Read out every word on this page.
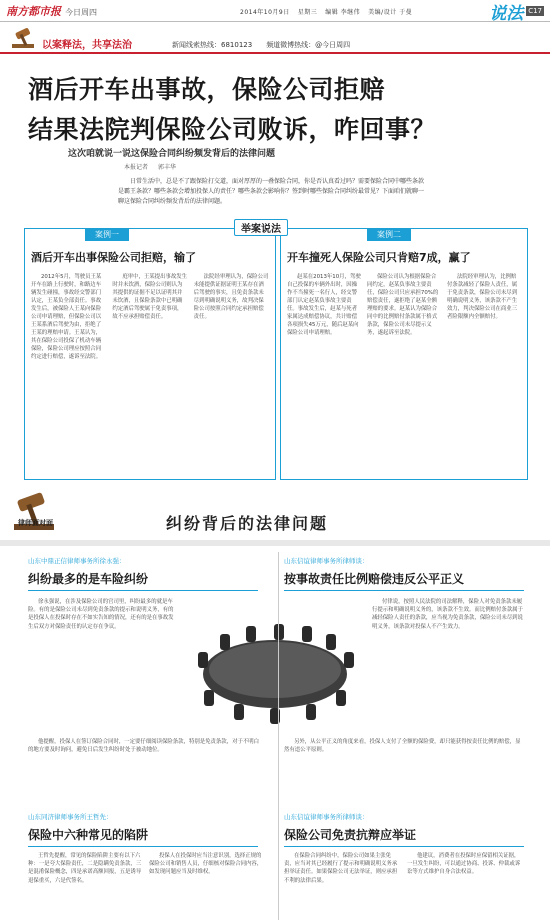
南方都市报 今日周四	2014年10月9日 星期三 编辑 李继伟 美编/设计 于曼	说法 C17
以案释法，共享法治	新闻线索热线：6810123 频道微博热线：@今日周四
酒后开车出事故，保险公司拒赔
结果法院判保险公司败诉，咋回事？
这次咱就说一说这保险合同纠纷频发背后的法律问题
本报记者 郭丰华
日常生活中，总是不了跟保险打交道，面对厚厚的一叠保险合同，你是否认真看过吗？需要保险合同中哪些条款是霸王条款？哪些条款会增加投保人的责任？哪些条款会影响你？签到时哪些保险合同纠纷最常见？下面咱们就聊一聊这保险合同纠纷频发背后的法律问题。
案例一
酒后开车出事保险公司拒赔，输了
2012年5月，驾驶员王某开车在路上行驶时，和路边车辆发生碰撞，事故经交警部门认定，王某负全部责任。事故发生后，被保险人王某向保险公司申请理赔，但保险公司以王某系酒后驾驶为由，拒绝了王某的理赔申请。王某认为，其在保险公司投保了机动车辆保险，保险公司理应按照合同约定进行赔偿，遂诉至法院。
庭审中，王某提出事故发生时并未饮酒，保险公司则认为其提供的证据不足以证明其并未饮酒，且保险条款中已明确约定酒后驾驶属于免责事项，故不应承担赔偿责任。
法院经审理认为，保险公司未能提供证据证明王某存在酒后驾驶的事实，且免责条款未尽到明确说明义务，故判决保险公司按照合同约定承担赔偿责任。
案例二
开车撞死人保险公司只肯赔7成，赢了
赵某在2013年10月，驾驶自己投保的车辆外出时，因操作不当撞死一名行人，经交警部门认定赵某负事故主要责任。事故发生后，赵某与死者家属达成赔偿协议，共计赔偿各项损失45万元，随后赵某向保险公司申请理赔。
保险公司认为根据保险合同约定，赵某负事故主要责任，保险公司只应承担70%的赔偿责任，遂拒绝了赵某全额理赔的要求。赵某认为保险合同中的比例赔付条款属于格式条款，保险公司未尽提示义务，遂起诉至法院。
法院经审理认为，比例赔付条款减轻了保险人责任，属于免责条款，保险公司未尽到明确说明义务，该条款不产生效力，判决保险公司在商业三者险限额内全额赔付。
举案说法
纠纷背后的法律问题
律师面对面
山东中鼎正信律师事务所徐永强：
纠纷最多的是车险纠纷
徐永强说，在涉及保险公司的官司里，纠纷最多的就是车险。有的是保险公司未尽到免责条款的提示和说明义务，有的是投保人在投保时存在不如实告知的情况，还有的是在事故发生后双方对保险责任的认定存在争议。
他提醒，投保人在签订保险合同时，一定要仔细阅读保险条款，特别是免责条款，对于不明白的地方要及时询问，避免日后发生纠纷时处于被动地位。
山东信谊律师事务所律师谈：
按事故责任比例赔偿违反公平正义
付律说，按照人民法院的司法解释，保险人对免责条款未履行提示和明确说明义务的，该条款不生效。而比例赔付条款属于减轻保险人责任的条款，应当视为免责条款，保险公司未尽到说明义务，该条款对投保人不产生效力。
另外，从公平正义的角度来看，投保人支付了全额的保险费，却只能获得按责任比例的赔偿，显然有违公平原则。
山东同济律师事务所王哲先：
保险中六种常见的陷阱
王哲先提醒，常见的保险陷阱主要有以下六种：一是夸大保险责任，二是隐瞒免责条款，三是混淆保险概念，四是承诺高额回报，五是诱导退保重买，六是代签名。
投保人在投保时应当注意识别，选择正规的保险公司和销售人员，仔细核对保险合同内容，如发现问题应当及时维权。
山东信谊律师事务所律师谈：
保险公司免责抗辩应举证
在保险合同纠纷中，保险公司如果主张免责，应当对其已经履行了提示和明确说明义务承担举证责任。如果保险公司无法举证，则应承担不利的法律后果。
他建议，消费者在投保时应保留相关证据，一旦发生纠纷，可以通过协商、投诉、仲裁或诉讼等方式维护自身合法权益。
